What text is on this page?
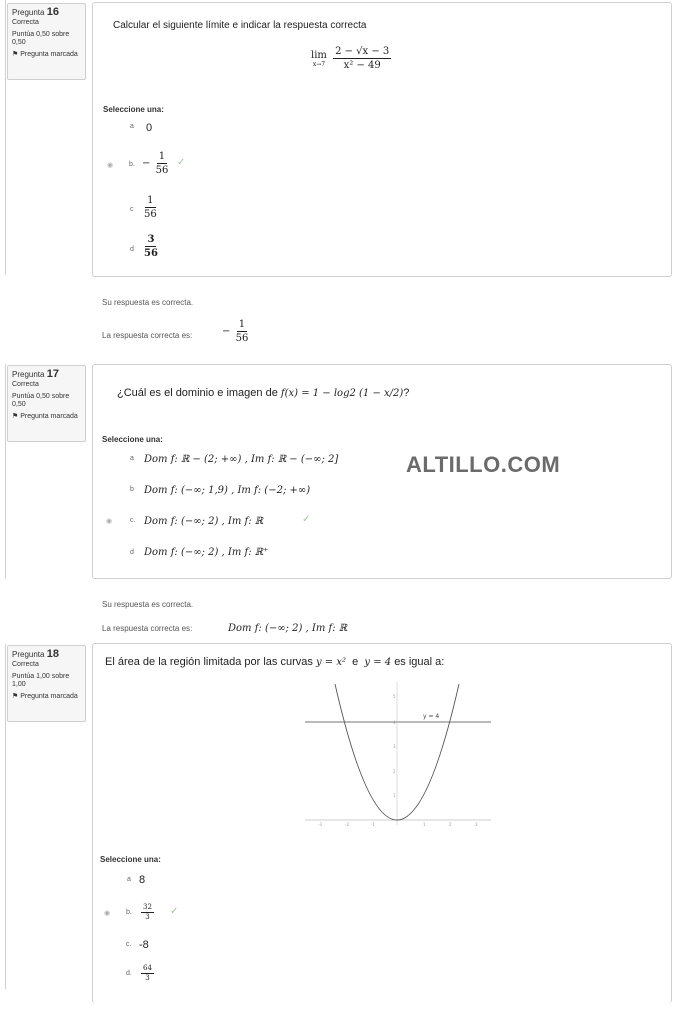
Pregunta 16
Correcta
Puntúa 0,50 sobre 0,50
⚑ Pregunta marcada
Calcular el siguiente límite e indicar la respuesta correcta
lim
x→7
$\frac{2 - √x - 3}{\text{x² − 49}}$
Seleccione una:
a 0
◉ b. − $\frac{1}{56}$ ✓
c $\frac{1}{56}$
d $\frac{3}{56}$
Su respuesta es correcta.
La respuesta correcta es:	− $\frac{1}{56}$
Pregunta 17
Correcta
Puntúa 0,50 sobre 0,50
⚑ Pregunta marcada
¿Cuál es el dominio e imagen de f(x) = 1 − log2 (1 − x/2)?
Seleccione una:
a Dom f: ℝ − (2; +∞) , Im f: ℝ − (−∞; 2]
b Dom f: (−∞; 1,9) , Im f: (−2; +∞)
◉	c. Dom f: (−∞; 2) , Im f: ℝ	✓
d Dom f: (−∞; 2) , Im f: ℝ⁺
ALTILLO.COM
Su respuesta es correcta.
La respuesta correcta es:	Dom f: (−∞; 2) , Im f: ℝ
Pregunta 18
Correcta
Puntúa 1,00 sobre 1,00
⚑ Pregunta marcada
El área de la región limitada por las curvas y = x² e y = 4 es igual a:
5
4
3
2
1
-3	-2	-1	1	2	3
y = 4
Seleccione una:
a 8
◉ b. $\frac{32}{3}$ ✓
c. -8
d. $\frac{64}{3}$
